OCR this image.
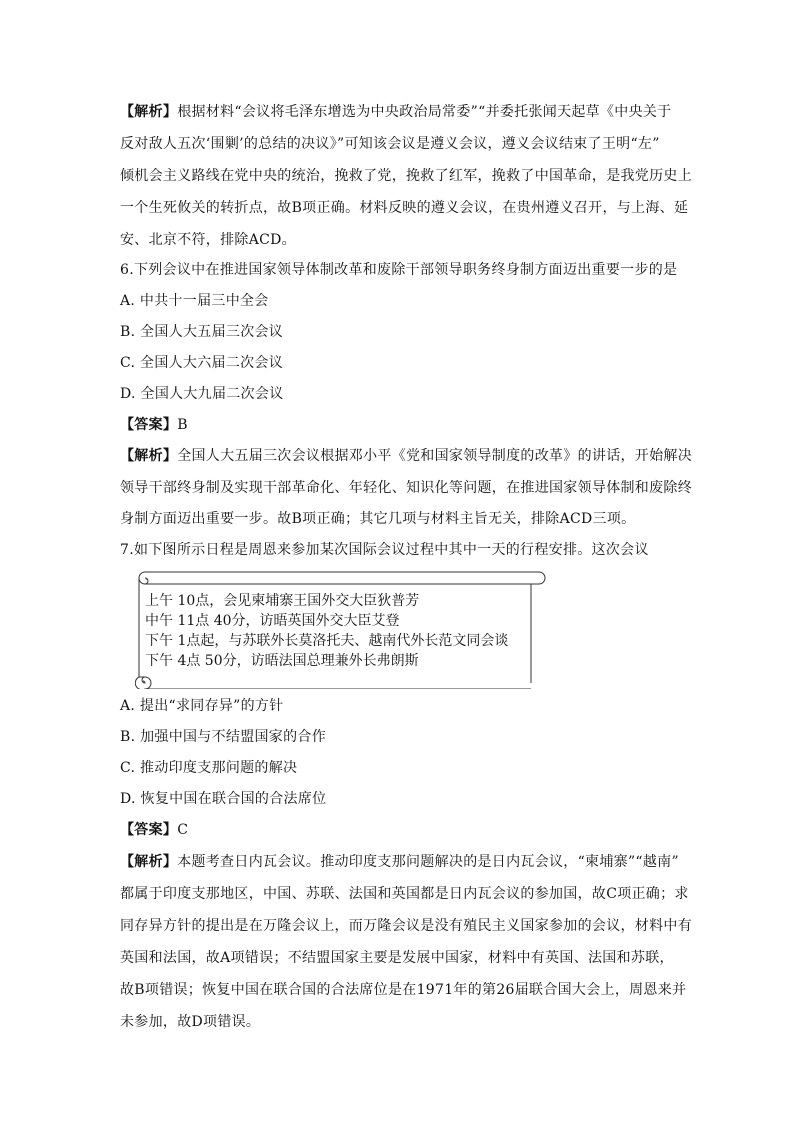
【解析】根据材料“会议将毛泽东增选为中央政治局常委”“并委托张闻天起草《中央关于
反对敌人五次‘围剿’的总结的决议》”可知该会议是遵义会议，遵义会议结束了王明“左”
倾机会主义路线在党中央的统治，挽救了党，挽救了红军，挽救了中国革命，是我党历史上
一个生死攸关的转折点，故B项正确。材料反映的遵义会议，在贵州遵义召开，与上海、延
安、北京不符，排除ACD。
6.下列会议中在推进国家领导体制改革和废除干部领导职务终身制方面迈出重要一步的是
A. 中共十一届三中全会
B. 全国人大五届三次会议
C. 全国人大六届二次会议
D. 全国人大九届二次会议
【答案】B
【解析】全国人大五届三次会议根据邓小平《党和国家领导制度的改革》的讲话，开始解决
领导干部终身制及实现干部革命化、年轻化、知识化等问题，在推进国家领导体制和废除终
身制方面迈出重要一步。故B项正确；其它几项与材料主旨无关，排除ACD三项。
7.如下图所示日程是周恩来参加某次国际会议过程中其中一天的行程安排。这次会议
上午 10点，会见柬埔寨王国外交大臣狄普芳
中午 11点 40分，访晤英国外交大臣艾登
下午 1点起，与苏联外长莫洛托夫、越南代外长范文同会谈
下午 4点 50分，访晤法国总理兼外长弗朗斯
A. 提出“求同存异”的方针
B. 加强中国与不结盟国家的合作
C. 推动印度支那问题的解决
D. 恢复中国在联合国的合法席位
【答案】C
【解析】本题考查日内瓦会议。推动印度支那问题解决的是日内瓦会议，“柬埔寨”“越南”
都属于印度支那地区，中国、苏联、法国和英国都是日内瓦会议的参加国，故C项正确；求
同存异方针的提出是在万隆会议上，而万隆会议是没有殖民主义国家参加的会议，材料中有
英国和法国，故A项错误；不结盟国家主要是发展中国家，材料中有英国、法国和苏联，
故B项错误；恢复中国在联合国的合法席位是在1971年的第26届联合国大会上，周恩来并
未参加，故D项错误。
